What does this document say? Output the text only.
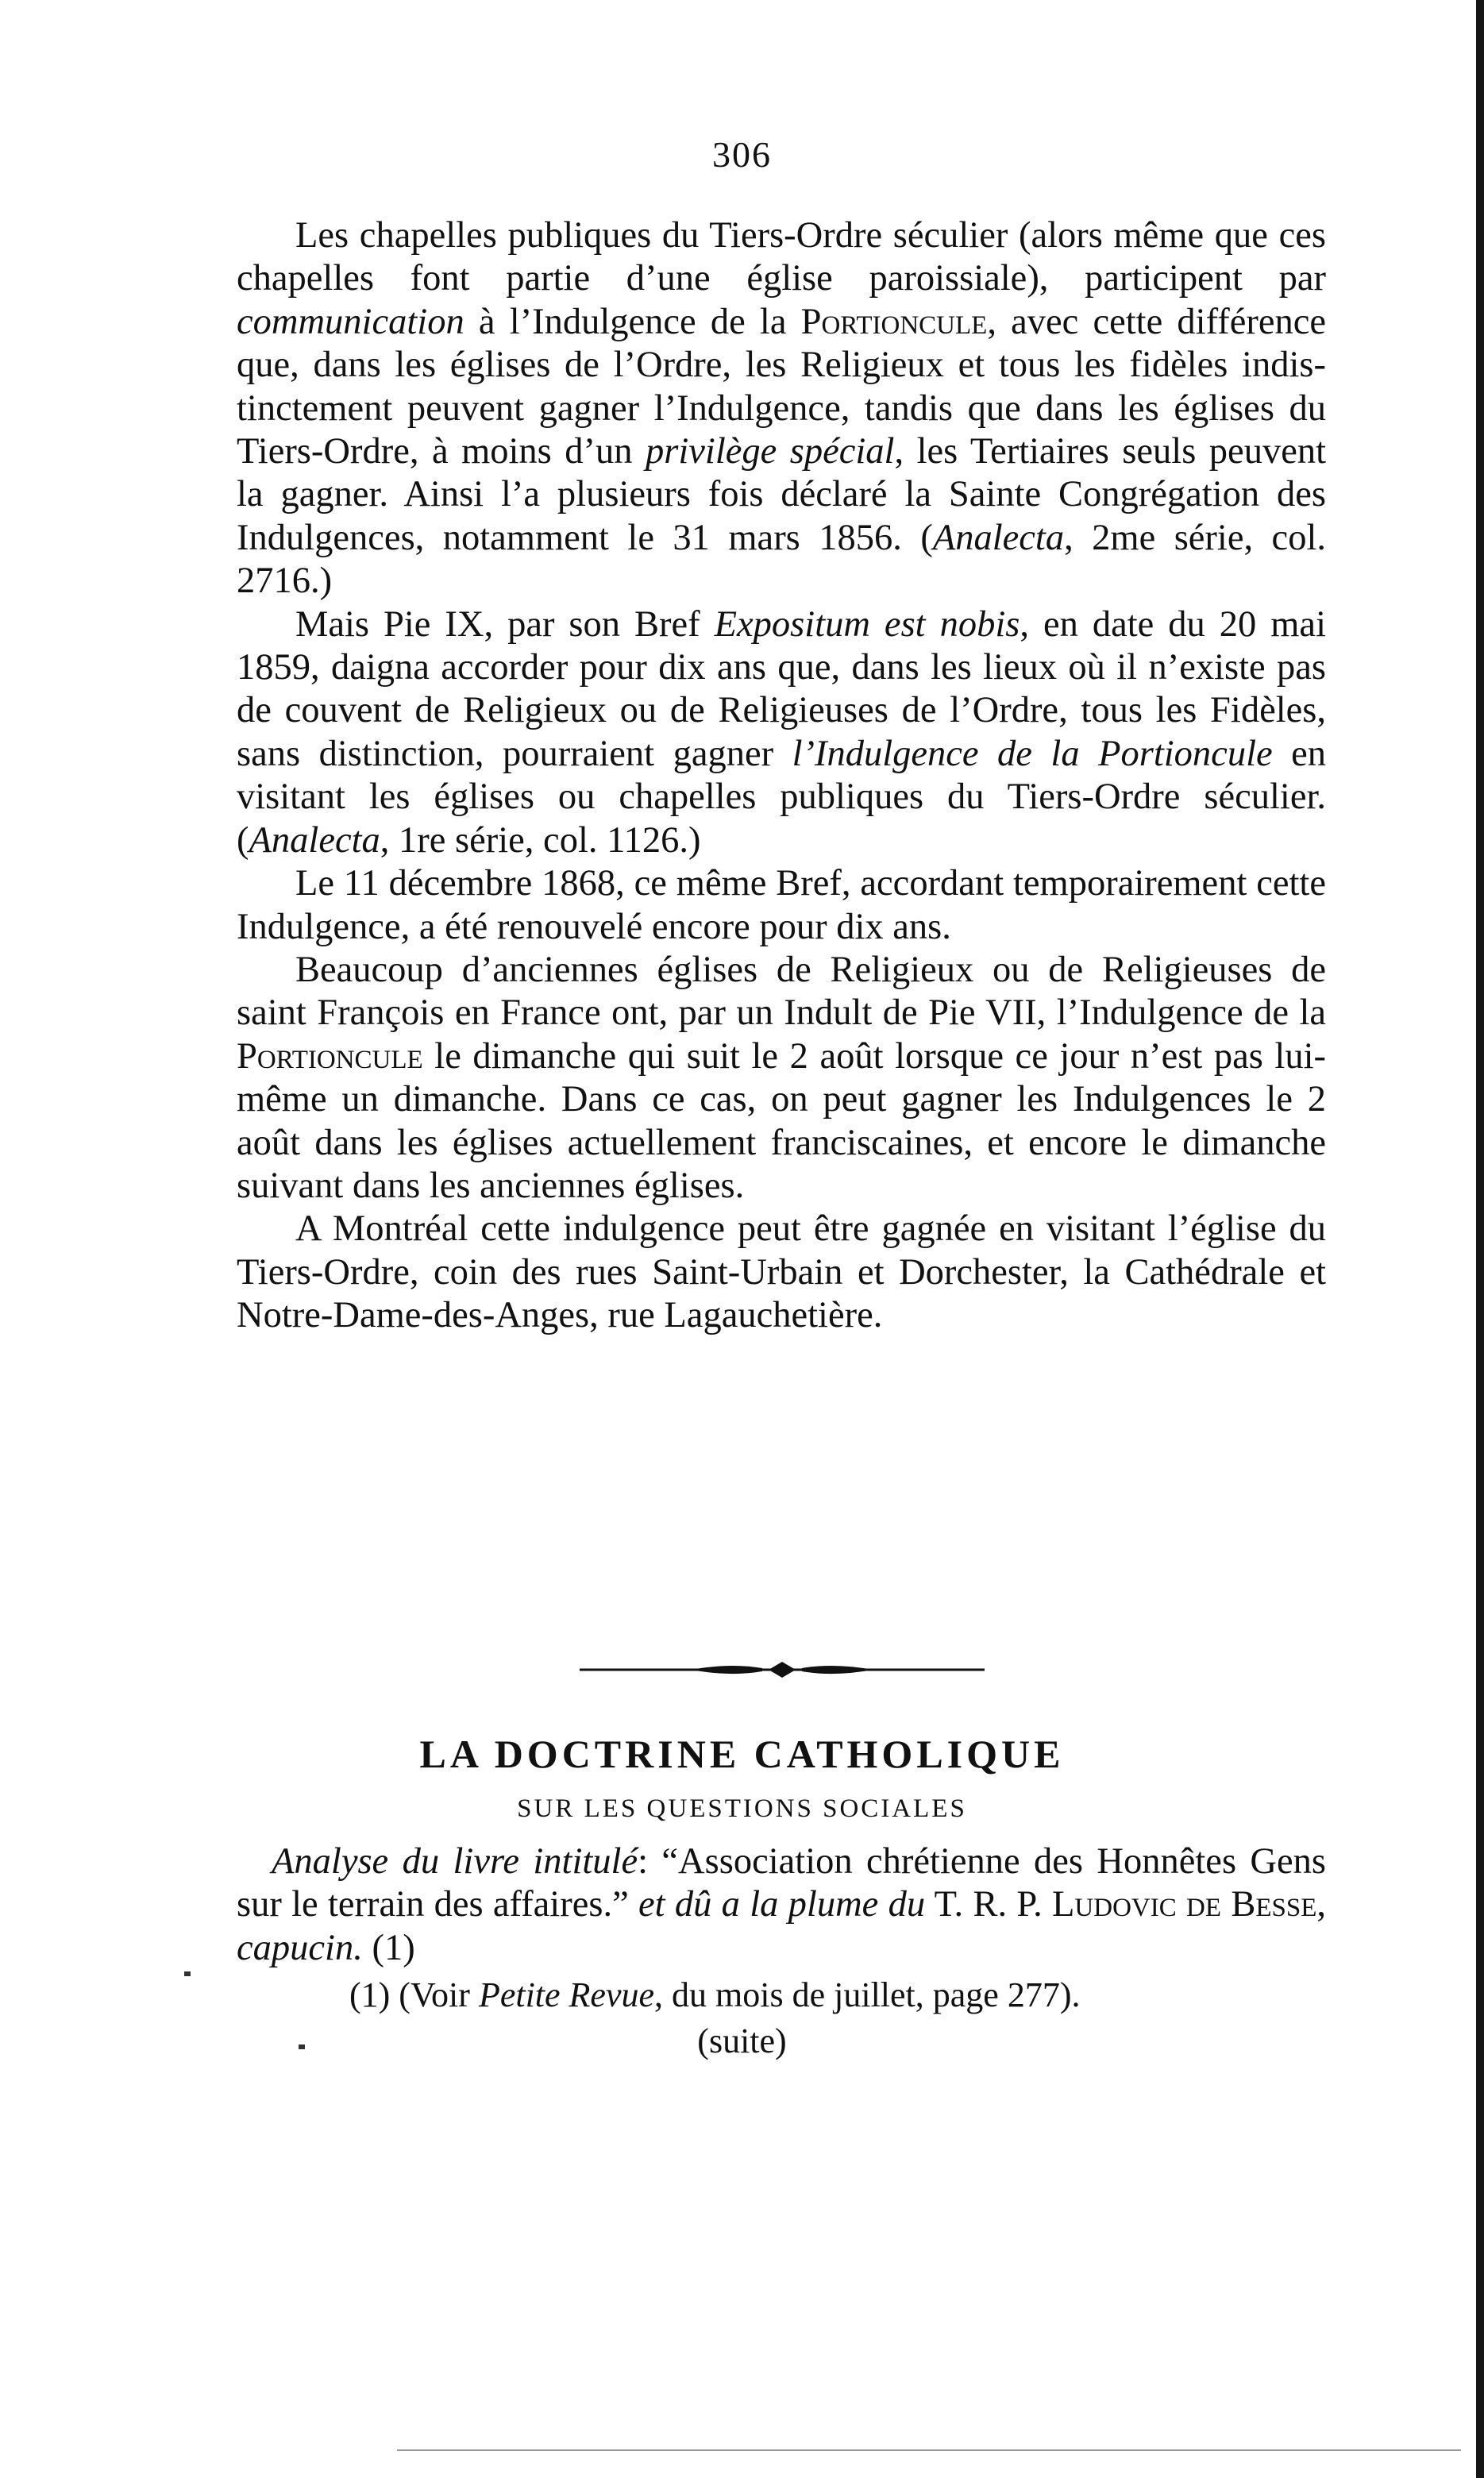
306

Les chapelles publiques du Tiers-Ordre séculier (alors même que ces chapelles font partie d’une église paroissiale), participent par communication à l’Indulgence de la Portioncule, avec cette différence que, dans les églises de l’Ordre, les Religieux et tous les fidèles indistinctement peuvent gagner l’Indulgence, tandis que dans les églises du Tiers-Ordre, à moins d’un privilège spécial, les Tertiaires seuls peuvent la gagner. Ainsi l’a plusieurs fois déclaré la Sainte Congrégation des Indulgences, notamment le 31 mars 1856. (Analecta, 2me série, col. 2716.)

Mais Pie IX, par son Bref Expositum est nobis, en date du 20 mai 1859, daigna accorder pour dix ans que, dans les lieux où il n’existe pas de couvent de Religieux ou de Religieuses de l’Ordre, tous les Fidèles, sans distinction, pourraient gagner l’Indulgence de la Portioncule en visitant les églises ou chapelles publiques du Tiers-Ordre séculier. (Analecta, 1re série, col. 1126.)

Le 11 décembre 1868, ce même Bref, accordant temporairement cette Indulgence, a été renouvelé encore pour dix ans.

Beaucoup d’anciennes églises de Religieux ou de Religieuses de saint François en France ont, par un Indult de Pie VII, l’Indulgence de la Portioncule le dimanche qui suit le 2 août lorsque ce jour n’est pas lui-même un dimanche. Dans ce cas, on peut gagner les Indulgences le 2 août dans les églises actuellement franciscaines, et encore le dimanche suivant dans les anciennes églises.

A Montréal cette indulgence peut être gagnée en visitant l’église du Tiers-Ordre, coin des rues Saint-Urbain et Dorchester, la Cathédrale et Notre-Dame-des-Anges, rue Lagauchetière.

LA DOCTRINE CATHOLIQUE
SUR LES QUESTIONS SOCIALES

Analyse du livre intitulé: “Association chrétienne des Honnêtes Gens sur le terrain des affaires.” et dû a la plume du T. R. P. Ludovic de Besse, capucin. (1)

(1) (Voir Petite Revue, du mois de juillet, page 277).
(suite)
